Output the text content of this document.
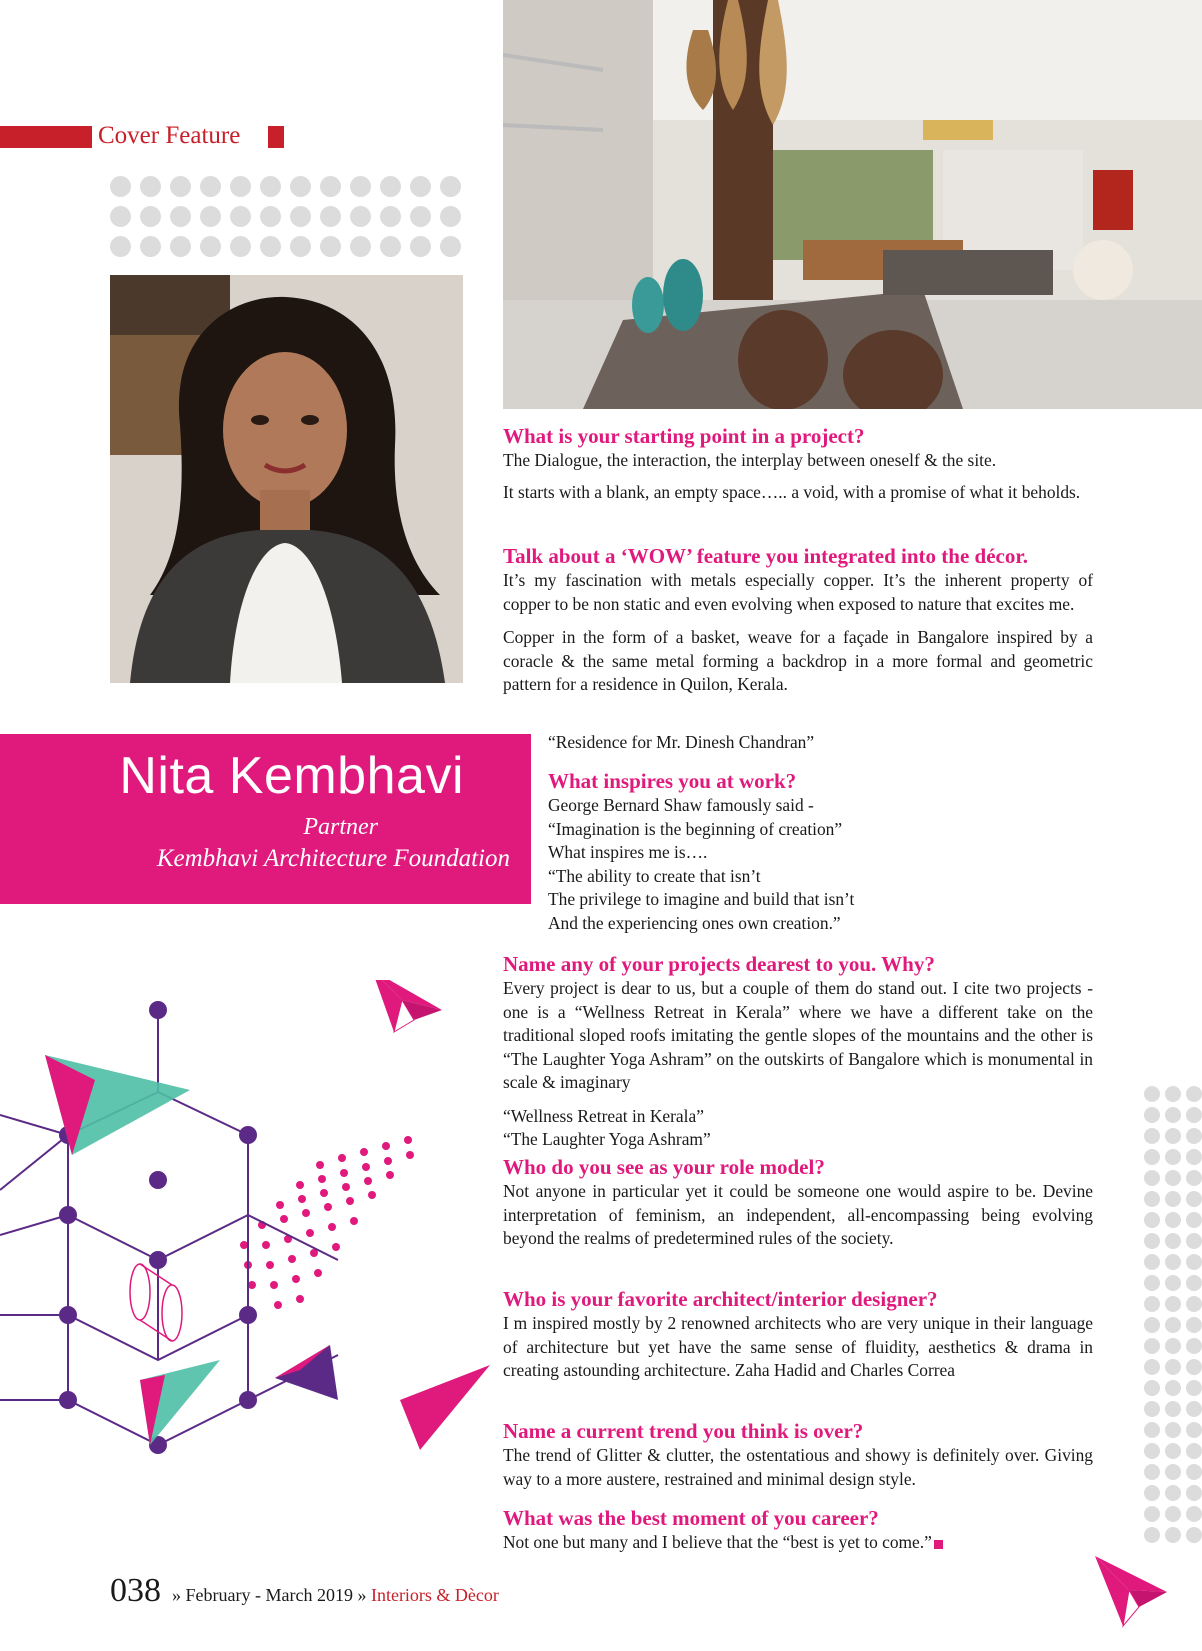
Cover Feature
Nita Kembhavi
Partner
Kembhavi Architecture Foundation
What is your starting point in a project?

The Dialogue, the interaction, the interplay between oneself & the site.

It starts with a blank, an empty space….. a void, with a promise of what it beholds.

Talk about a ‘WOW’ feature you integrated into the décor.

It’s my fascination with metals especially copper. It’s the inherent property of copper to be non static and even evolving when exposed to nature that excites me.

Copper in the form of a basket, weave for a façade in Bangalore inspired by a coracle & the same metal forming a backdrop in a more formal and geometric pattern for a residence in Quilon, Kerala.

“Residence for Mr. Dinesh Chandran”
What inspires you at work?
George Bernard Shaw famously said -
“Imagination is the beginning of creation”
What inspires me is….
“The ability to create that isn’t
The privilege to imagine and build that isn’t
And the experiencing ones own creation.”
Name any of your projects dearest to you. Why?

Every project is dear to us, but a couple of them do stand out. I cite two projects - one is a “Wellness Retreat in Kerala” where we have a different take on the traditional sloped roofs imitating the gentle slopes of the mountains and the other is “The Laughter Yoga Ashram” on the outskirts of Bangalore which is monumental in scale & imaginary

“Wellness Retreat in Kerala”
“The Laughter Yoga Ashram”
Who do you see as your role model?

Not anyone in particular yet it could be someone one would aspire to be. Devine interpretation of feminism, an independent, all-encompassing being evolving beyond the realms of predetermined rules of the society.

Who is your favorite architect/interior designer?

I m inspired mostly by 2 renowned architects who are very unique in their language of architecture but yet have the same sense of fluidity, aesthetics & drama in creating astounding architecture. Zaha Hadid and Charles Correa

Name a current trend you think is over?

The trend of Glitter & clutter, the ostentatious and showy is definitely over. Giving way to a more austere, restrained and minimal design style.

What was the best moment of you career?

Not one but many and I believe that the “best is yet to come.”

038 » February - March 2019 » Interiors & Dècor
